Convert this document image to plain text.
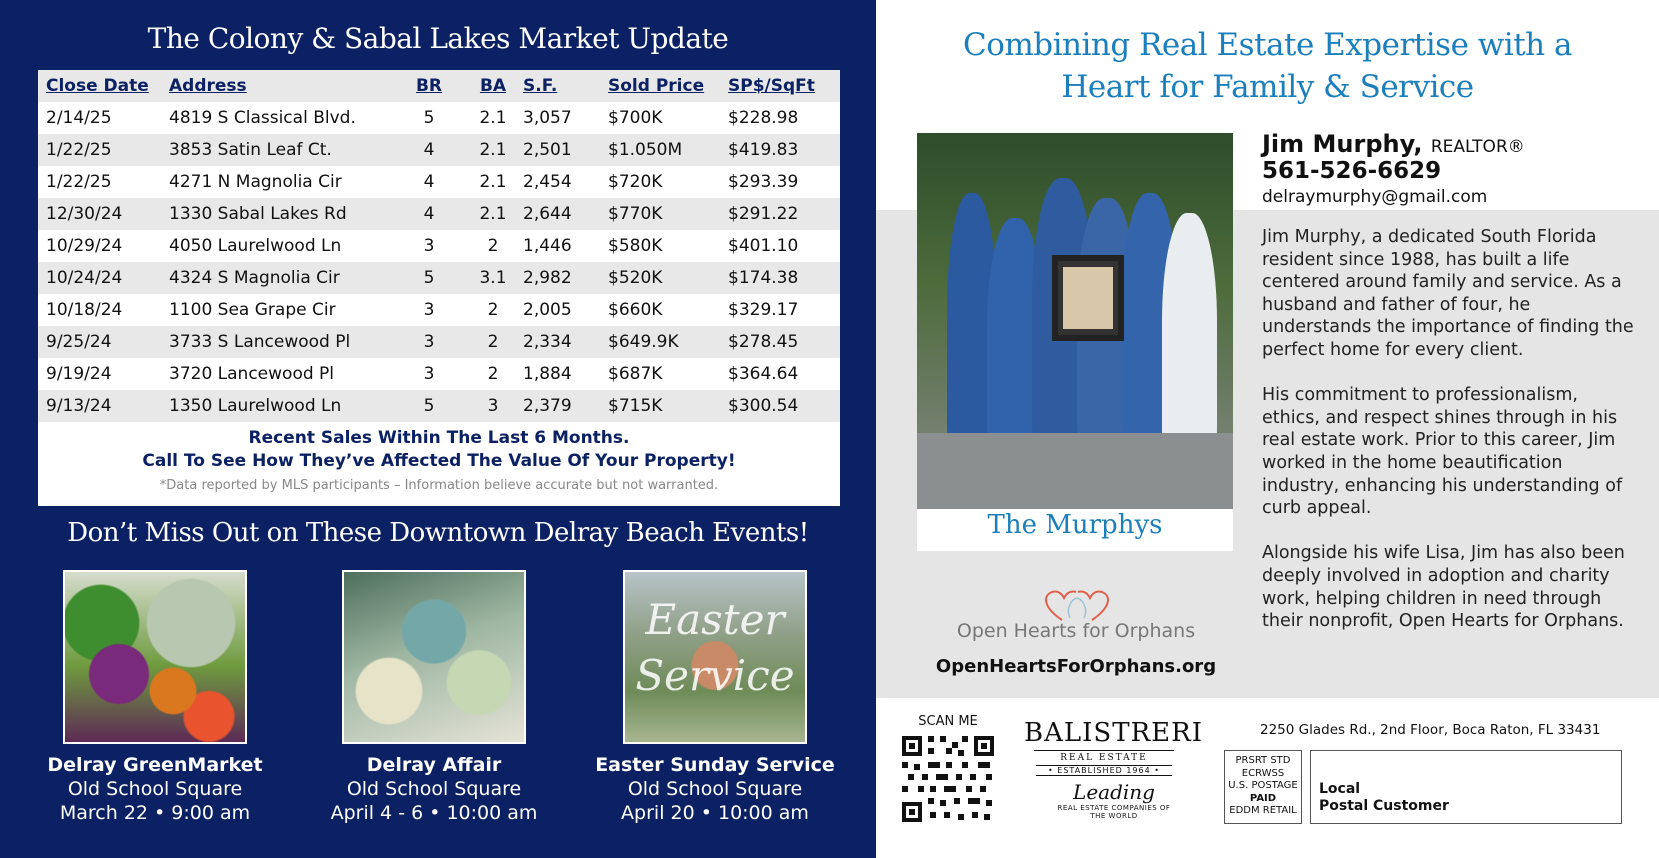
The Colony & Sabal Lakes Market Update
Close Date	Address	BR	BA	S.F.	Sold Price	SP$/SqFt
2/14/25	4819 S Classical Blvd.	5	2.1	3,057	$700K	$228.98
1/22/25	3853 Satin Leaf Ct.	4	2.1	2,501	$1.050M	$419.83
1/22/25	4271 N Magnolia Cir	4	2.1	2,454	$720K	$293.39
12/30/24	1330 Sabal Lakes Rd	4	2.1	2,644	$770K	$291.22
10/29/24	4050 Laurelwood Ln	3	2	1,446	$580K	$401.10
10/24/24	4324 S Magnolia Cir	5	3.1	2,982	$520K	$174.38
10/18/24	1100 Sea Grape Cir	3	2	2,005	$660K	$329.17
9/25/24	3733 S Lancewood Pl	3	2	2,334	$649.9K	$278.45
9/19/24	3720 Lancewood Pl	3	2	1,884	$687K	$364.64
9/13/24	1350 Laurelwood Ln	5	3	2,379	$715K	$300.54
Recent Sales Within The Last 6 Months.
Call To See How They’ve Affected The Value Of Your Property!
*Data reported by MLS participants – Information believe accurate but not warranted.
Don’t Miss Out on These Downtown Delray Beach Events!
Delray GreenMarket
Old School Square
March 22 • 9:00 am
Delray Affair
Old School Square
April 4 - 6 • 10:00 am
Easter
Service
Easter Sunday Service
Old School Square
April 20 • 10:00 am
Combining Real Estate Expertise with a
Heart for Family & Service
The Murphys
Jim Murphy, REALTOR®
561-526-6629
delraymurphy@gmail.com

Jim Murphy, a dedicated South Florida resident since 1988, has built a life centered around family and service. As a husband and father of four, he understands the importance of finding the perfect home for every client.

His commitment to professionalism, ethics, and respect shines through in his real estate work. Prior to this career, Jim worked in the home beautification industry, enhancing his understanding of curb appeal.

Alongside his wife Lisa, Jim has also been deeply involved in adoption and charity work, helping children in need through their nonprofit, Open Hearts for Orphans.

Open Hearts for Orphans
OpenHeartsForOrphans.org
SCAN ME	BALISTRERI
REAL ESTATE
• ESTABLISHED 1964 •
Leading
REAL ESTATE COMPANIES OF THE WORLD
2250 Glades Rd., 2nd Floor, Boca Raton, FL 33431
PRSRT STD
ECRWSS
U.S. POSTAGE
PAID
EDDM RETAIL
Local
Postal Customer
